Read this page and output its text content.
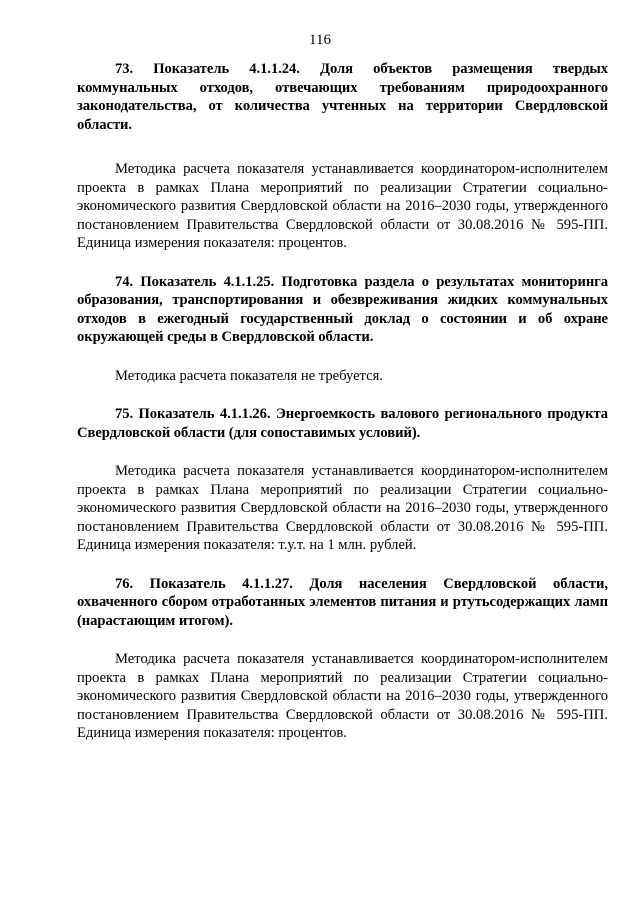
116

73. Показатель 4.1.1.24. Доля объектов размещения твердых коммунальных отходов, отвечающих требованиям природоохранного законодательства, от количества учтенных на территории Свердловской области.

Методика расчета показателя устанавливается координатором-исполнителем проекта в рамках Плана мероприятий по реализации Стратегии социально-экономического развития Свердловской области на 2016–2030 годы, утвержденного постановлением Правительства Свердловской области от 30.08.2016 № 595-ПП. Единица измерения показателя: процентов.

74. Показатель 4.1.1.25. Подготовка раздела о результатах мониторинга образования, транспортирования и обезвреживания жидких коммунальных отходов в ежегодный государственный доклад о состоянии и об охране окружающей среды в Свердловской области.

Методика расчета показателя не требуется.

75. Показатель 4.1.1.26. Энергоемкость валового регионального продукта Свердловской области (для сопоставимых условий).

Методика расчета показателя устанавливается координатором-исполнителем проекта в рамках Плана мероприятий по реализации Стратегии социально-экономического развития Свердловской области на 2016–2030 годы, утвержденного постановлением Правительства Свердловской области от 30.08.2016 № 595-ПП. Единица измерения показателя: т.у.т. на 1 млн. рублей.

76. Показатель 4.1.1.27. Доля населения Свердловской области, охваченного сбором отработанных элементов питания и ртутьсодержащих ламп (нарастающим итогом).

Методика расчета показателя устанавливается координатором-исполнителем проекта в рамках Плана мероприятий по реализации Стратегии социально-экономического развития Свердловской области на 2016–2030 годы, утвержденного постановлением Правительства Свердловской области от 30.08.2016 № 595-ПП. Единица измерения показателя: процентов.
